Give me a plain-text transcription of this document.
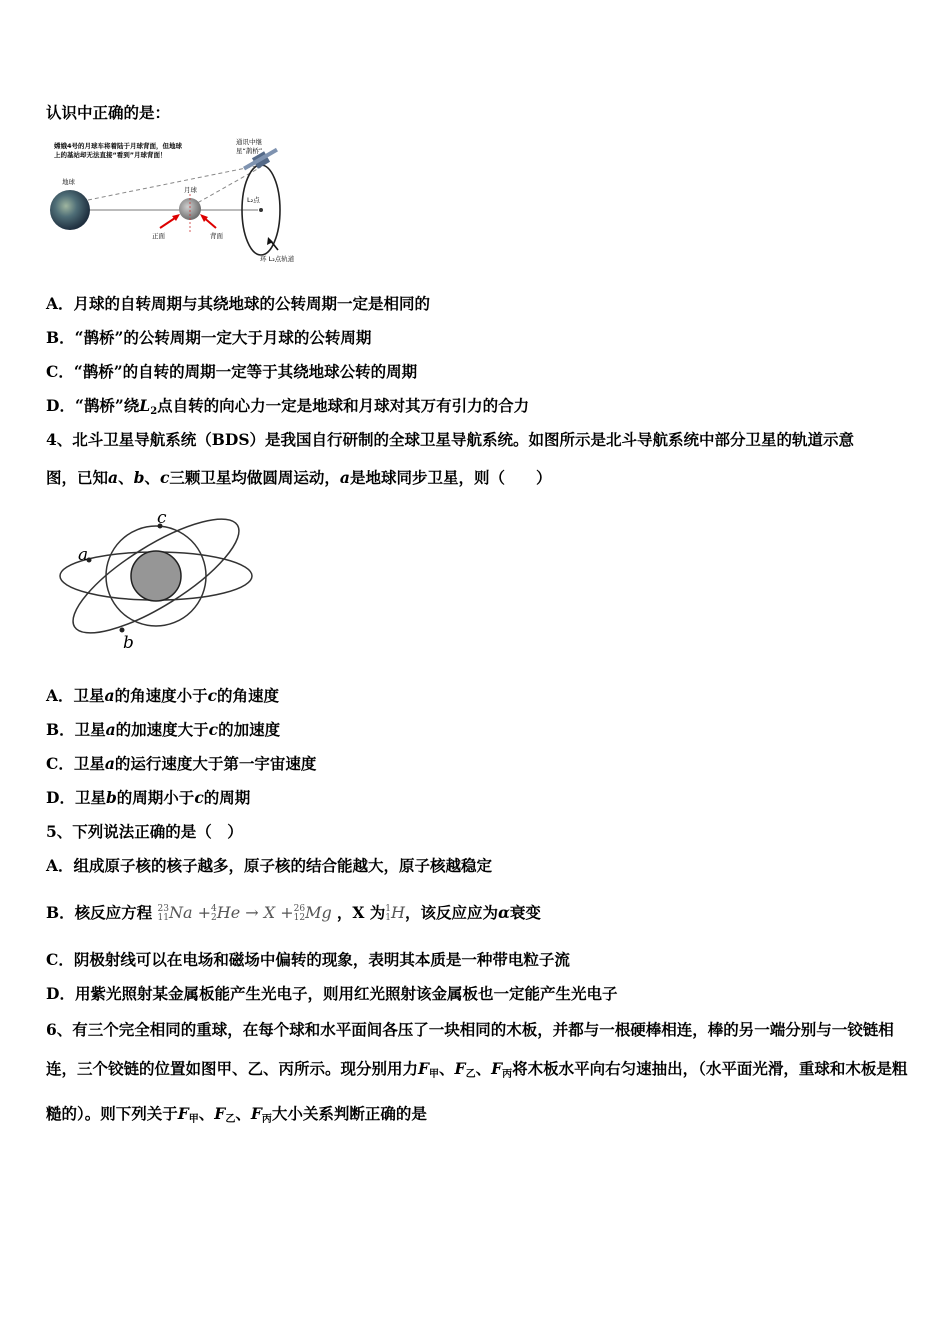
认识中正确的是：
嫦娥4号的月球车将着陆于月球背面，但地球
上的基站却无法直接“看到”月球背面！
地球
月球
正面	背面
L₂点
通讯中继
星“鹊桥”
环 L₂点轨道
A．月球的自转周期与其绕地球的公转周期一定是相同的
B．“鹊桥”的公转周期一定大于月球的公转周期
C．“鹊桥”的自转的周期一定等于其绕地球公转的周期
D．“鹊桥”绕$L_2$点自转的向心力一定是地球和月球对其万有引力的合力
4、北斗卫星导航系统（BDS）是我国自行研制的全球卫星导航系统。如图所示是北斗导航系统中部分卫星的轨道示意
图，已知a、b、c三颗卫星均做圆周运动，a是地球同步卫星，则（　　）
a
c
b
A．卫星a的角速度小于c的角速度
B．卫星a的加速度大于c的加速度
C．卫星a的运行速度大于第一宇宙速度
D．卫星b的周期小于c的周期
5、下列说法正确的是（　）
A．组成原子核的核子越多，原子核的结合能越大，原子核越稳定
B．核反应方程 23
11Na +4
2He → X +26
12Mg ，X 为1
1H，该反应应为α衰变
C．阴极射线可以在电场和磁场中偏转的现象，表明其本质是一种带电粒子流
D．用紫光照射某金属板能产生光电子，则用红光照射该金属板也一定能产生光电子
6、有三个完全相同的重球，在每个球和水平面间各压了一块相同的木板，并都与一根硬棒相连，棒的另一端分别与一铰链相连，三个铰链的位置如图甲、乙、丙所示。现分别用力$F_甲$、$F_乙$、$F_丙$将木板水平向右匀速抽出，（水平面光滑，重球和木板是粗糙的）。则下列关于$F_甲$、$F_乙$、$F_丙$大小关系判断正确的是
